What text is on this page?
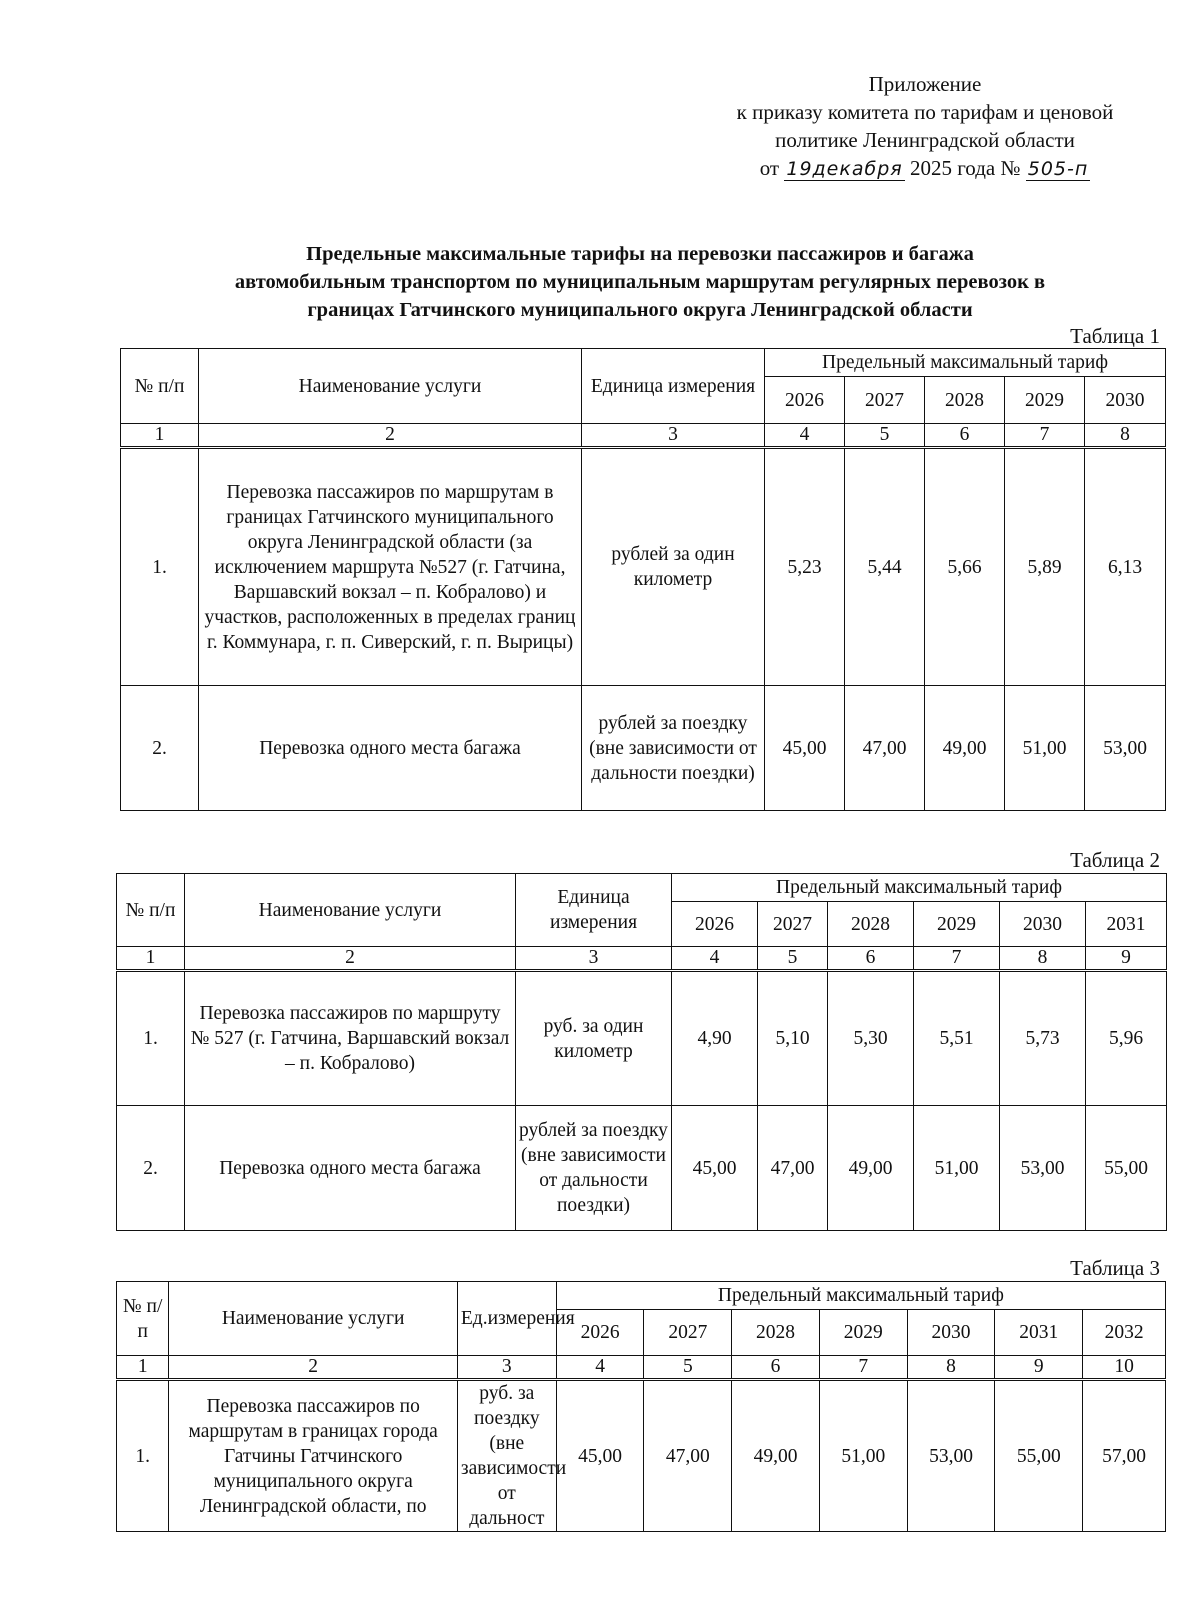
Приложение
к приказу комитета по тарифам и ценовой
политике Ленинградской области
от 19декабря 2025 года № 505-п
Предельные максимальные тарифы на перевозки пассажиров и багажа
автомобильным транспортом по муниципальным маршрутам регулярных перевозок в
границах Гатчинского муниципального округа Ленинградской области
Таблица 1
№ п/п	Наименование услуги	Единица измерения	Предельный максимальный тариф				
			2026	2027	2028	2029	2030
1	2	3	4	5	6	7	8
1.	Перевозка пассажиров по маршрутам в границах Гатчинского муниципального округа Ленинградской области (за исключением маршрута №527 (г. Гатчина, Варшавский вокзал – п. Кобралово) и участков, расположенных в пределах границ г. Коммунара, г. п. Сиверский, г. п. Вырицы)	рублей за один километр	5,23	5,44	5,66	5,89	6,13
2.	Перевозка одного места багажа	рублей за поездку (вне зависимости от дальности поездки)	45,00	47,00	49,00	51,00	53,00
Таблица 2
№ п/п	Наименование услуги	Единица измерения	Предельный максимальный тариф					
			2026	2027	2028	2029	2030	2031
1	2	3	4	5	6	7	8	9
1.	Перевозка пассажиров по маршруту № 527 (г. Гатчина, Варшавский вокзал – п. Кобралово)	руб. за один километр	4,90	5,10	5,30	5,51	5,73	5,96
2.	Перевозка одного места багажа	рублей за поездку (вне зависимости от дальности поездки)	45,00	47,00	49,00	51,00	53,00	55,00
Таблица 3
№ п/п	Наименование услуги	Ед.измерения	Предельный максимальный тариф						
			2026	2027	2028	2029	2030	2031	2032
1	2	3	4	5	6	7	8	9	10
1.	Перевозка пассажиров по маршрутам в границах города Гатчины Гатчинского муниципального округа Ленинградской области, по	руб. за поездку (вне зависимости от дальност	45,00	47,00	49,00	51,00	53,00	55,00	57,00
